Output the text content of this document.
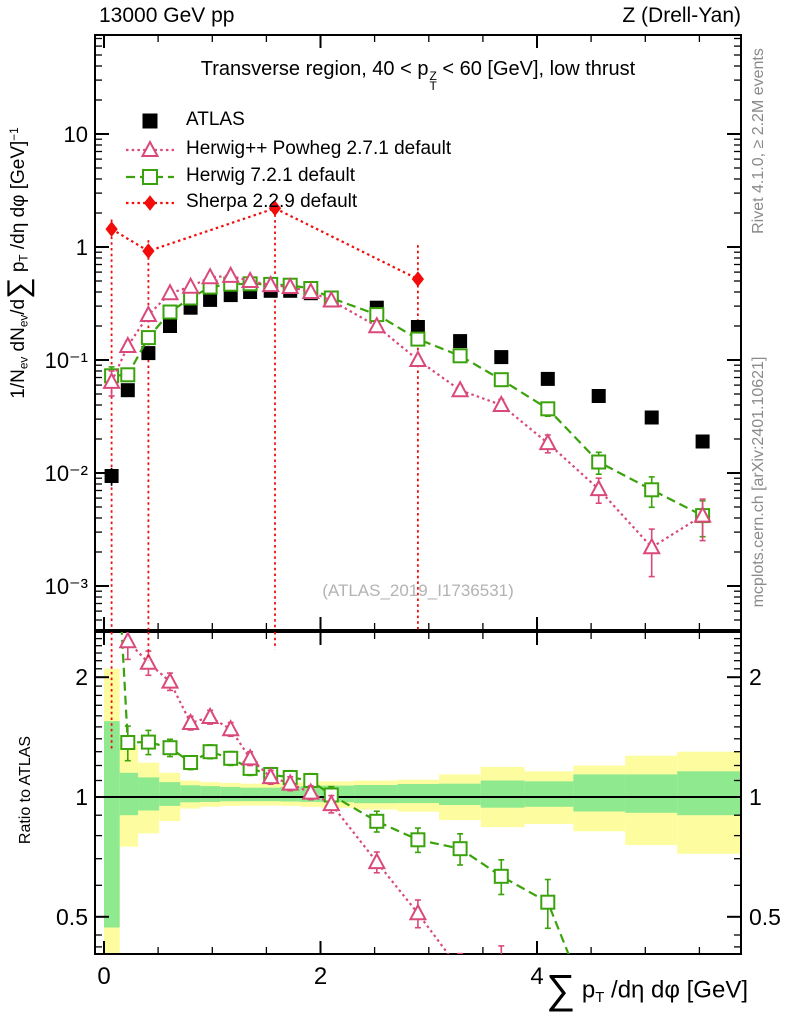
10
1
10⁻¹
10⁻²
10⁻³
2	2
1	1
0.5	0.5
0	2	4
13000 GeV pp	Z (Drell-Yan)
Transverse region, 40 < p Z
T
< 60 [GeV], low thrust
ATLAS
Herwig++ Powheg 2.7.1 default
Herwig 7.2.1 default
Sherpa 2.2.9 default
(ATLAS_2019_I1736531)
$1/N_{ev}$ $dN_{ev}/d\sum$ $p_T$ /dη dφ [GeV]$^{-1}$
Ratio to ATLAS
Rivet 4.1.0, ≥ 2.2M events
mcplots.cern.ch [arXiv:2401.10621]
∑ $p_T$ /dη dφ [GeV]
